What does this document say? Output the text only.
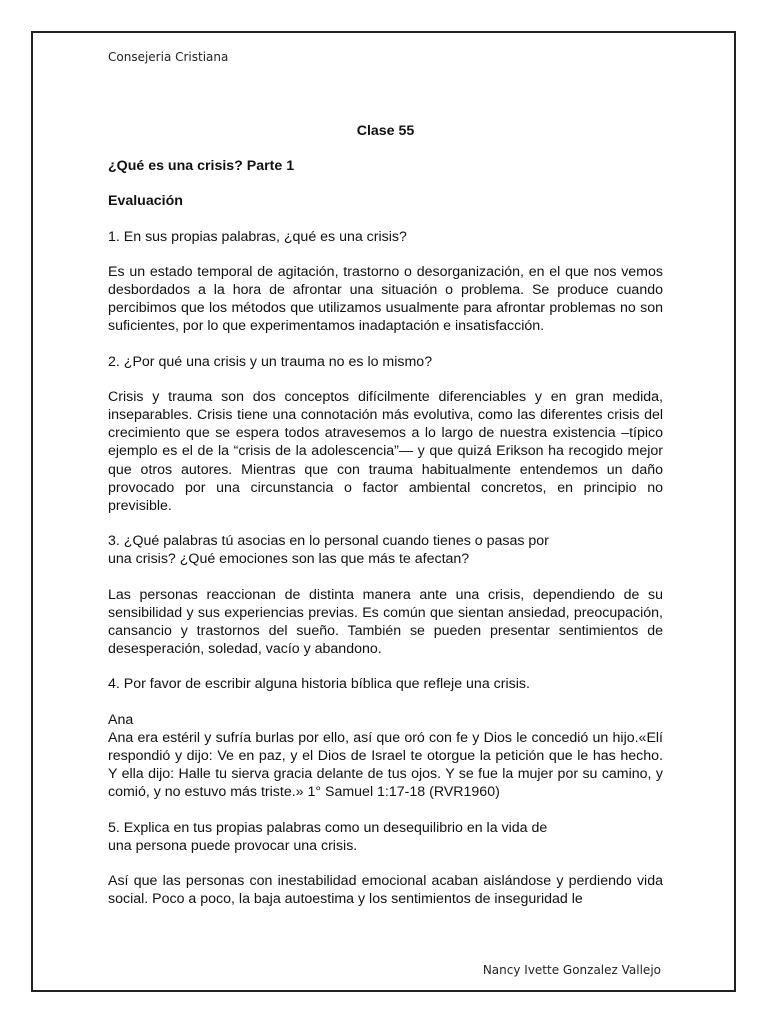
Consejeria Cristiana

Clase 55

¿Qué es una crisis? Parte 1

Evaluación

1. En sus propias palabras, ¿qué es una crisis?

Es un estado temporal de agitación, trastorno o desorganización, en el que nos vemos desbordados a la hora de afrontar una situación o problema. Se produce cuando percibimos que los métodos que utilizamos usualmente para afrontar problemas no son suficientes, por lo que experimentamos inadaptación e insatisfacción.

2. ¿Por qué una crisis y un trauma no es lo mismo?

Crisis y trauma son dos conceptos difícilmente diferenciables y en gran medida, inseparables. Crisis tiene una connotación más evolutiva, como las diferentes crisis del crecimiento que se espera todos atravesemos a lo largo de nuestra existencia –típico ejemplo es el de la “crisis de la adolescencia”— y que quizá Erikson ha recogido mejor que otros autores. Mientras que con trauma habitualmente entendemos un daño provocado por una circunstancia o factor ambiental concretos, en principio no previsible.

3. ¿Qué palabras tú asocias en lo personal cuando tienes o pasas por
una crisis? ¿Qué emociones son las que más te afectan?

Las personas reaccionan de distinta manera ante una crisis, dependiendo de su sensibilidad y sus experiencias previas. Es común que sientan ansiedad, preocupación, cansancio y trastornos del sueño. También se pueden presentar sentimientos de desesperación, soledad, vacío y abandono.

4. Por favor de escribir alguna historia bíblica que refleje una crisis.

Ana

Ana era estéril y sufría burlas por ello, así que oró con fe y Dios le concedió un hijo.«Elí respondió y dijo: Ve en paz, y el Dios de Israel te otorgue la petición que le has hecho. Y ella dijo: Halle tu sierva gracia delante de tus ojos. Y se fue la mujer por su camino, y comió, y no estuvo más triste.» 1° Samuel 1:17-18 (RVR1960)

5. Explica en tus propias palabras como un desequilibrio en la vida de
una persona puede provocar una crisis.

Así que las personas con inestabilidad emocional acaban aislándose y perdiendo vida social. Poco a poco, la baja autoestima y los sentimientos de inseguridad le

Nancy Ivette Gonzalez Vallejo
